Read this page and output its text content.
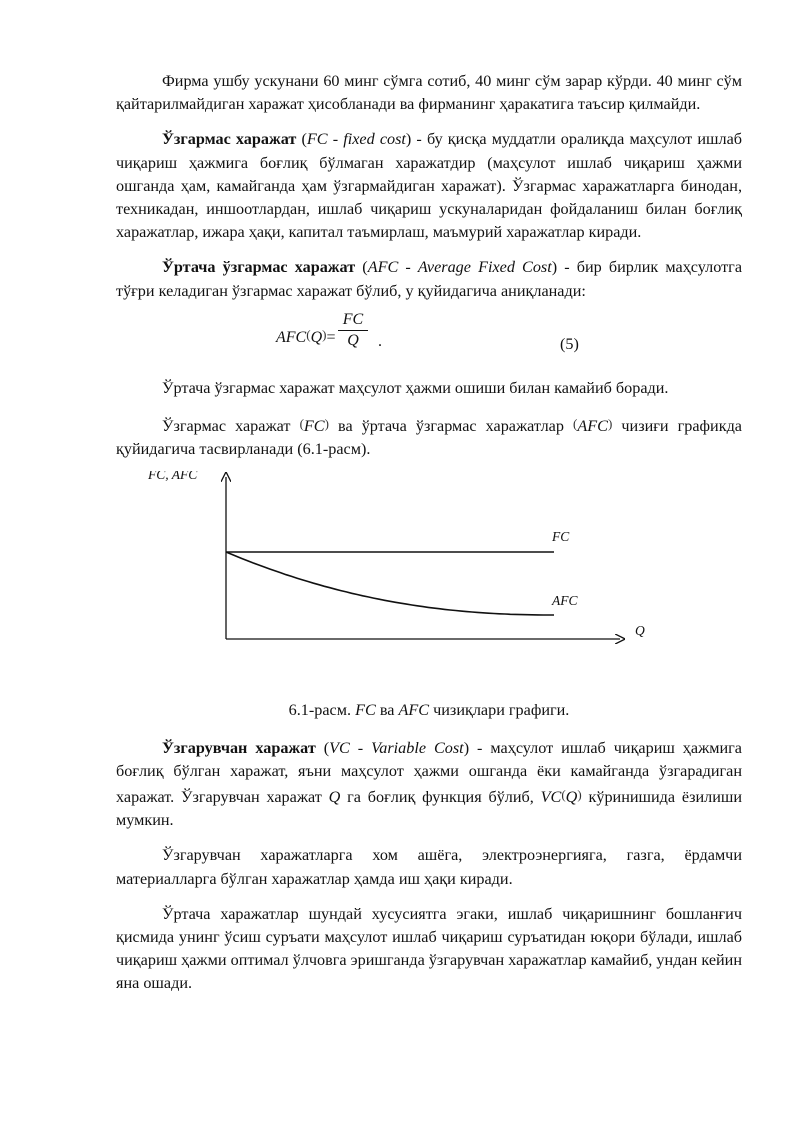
Фирма ушбу ускунани 60 минг сўмга сотиб, 40 минг сўм зарар кўрди. 40 минг сўм қайтарилмайдиган харажат ҳисобланади ва фирманинг ҳаракатига таъсир қилмайди.

Ўзгармас харажат (FC - fixed cost) - бу қисқа муддатли оралиқда маҳсулот ишлаб чиқариш ҳажмига боғлиқ бўлмаган харажатдир (маҳсулот ишлаб чиқариш ҳажми ошганда ҳам, камайганда ҳам ўзгармайдиган харажат). Ўзгармас харажатларга бинодан, техникадан, иншоотлардан, ишлаб чиқариш ускуналаридан фойдаланиш билан боғлиқ харажатлар, ижара ҳақи, капитал таъмирлаш, маъмурий харажатлар киради.

Ўртача ўзгармас харажат (AFC - Average Fixed Cost) - бир бирлик маҳсулотга тўғри келадиган ўзгармас харажат бўлиб, у қуйидагича аниқланади:

$AFC(Q)= \frac{FC}{Q}$ .	(5)

Ўртача ўзгармас харажат маҳсулот ҳажми ошиши билан камайиб боради.

Ўзгармас харажат (FC) ва ўртача ўзгармас харажатлар (AFC) чизиғи графикда қуйидагича тасвирланади (6.1-расм).

FC, AFC
Q
FC
AFC

6.1-расм. FC ва AFC чизиқлари графиги.

Ўзгарувчан харажат (VC - Variable Cost) - маҳсулот ишлаб чиқариш ҳажмига боғлиқ бўлган харажат, яъни маҳсулот ҳажми ошганда ёки камайганда ўзгарадиган харажат. Ўзгарувчан харажат Q га боғлиқ функция бўлиб, VC(Q) кўринишида ёзилиши мумкин.

Ўзгарувчан харажатларга хом ашёга, электроэнергияга, газга, ёрдамчи материалларга бўлган харажатлар ҳамда иш ҳақи киради.

Ўртача харажатлар шундай хусусиятга эгаки, ишлаб чиқаришнинг бошланғич қисмида унинг ўсиш суръати маҳсулот ишлаб чиқариш суръатидан юқори бўлади, ишлаб чиқариш ҳажми оптимал ўлчовга эришганда ўзгарувчан харажатлар камайиб, ундан кейин яна ошади.
